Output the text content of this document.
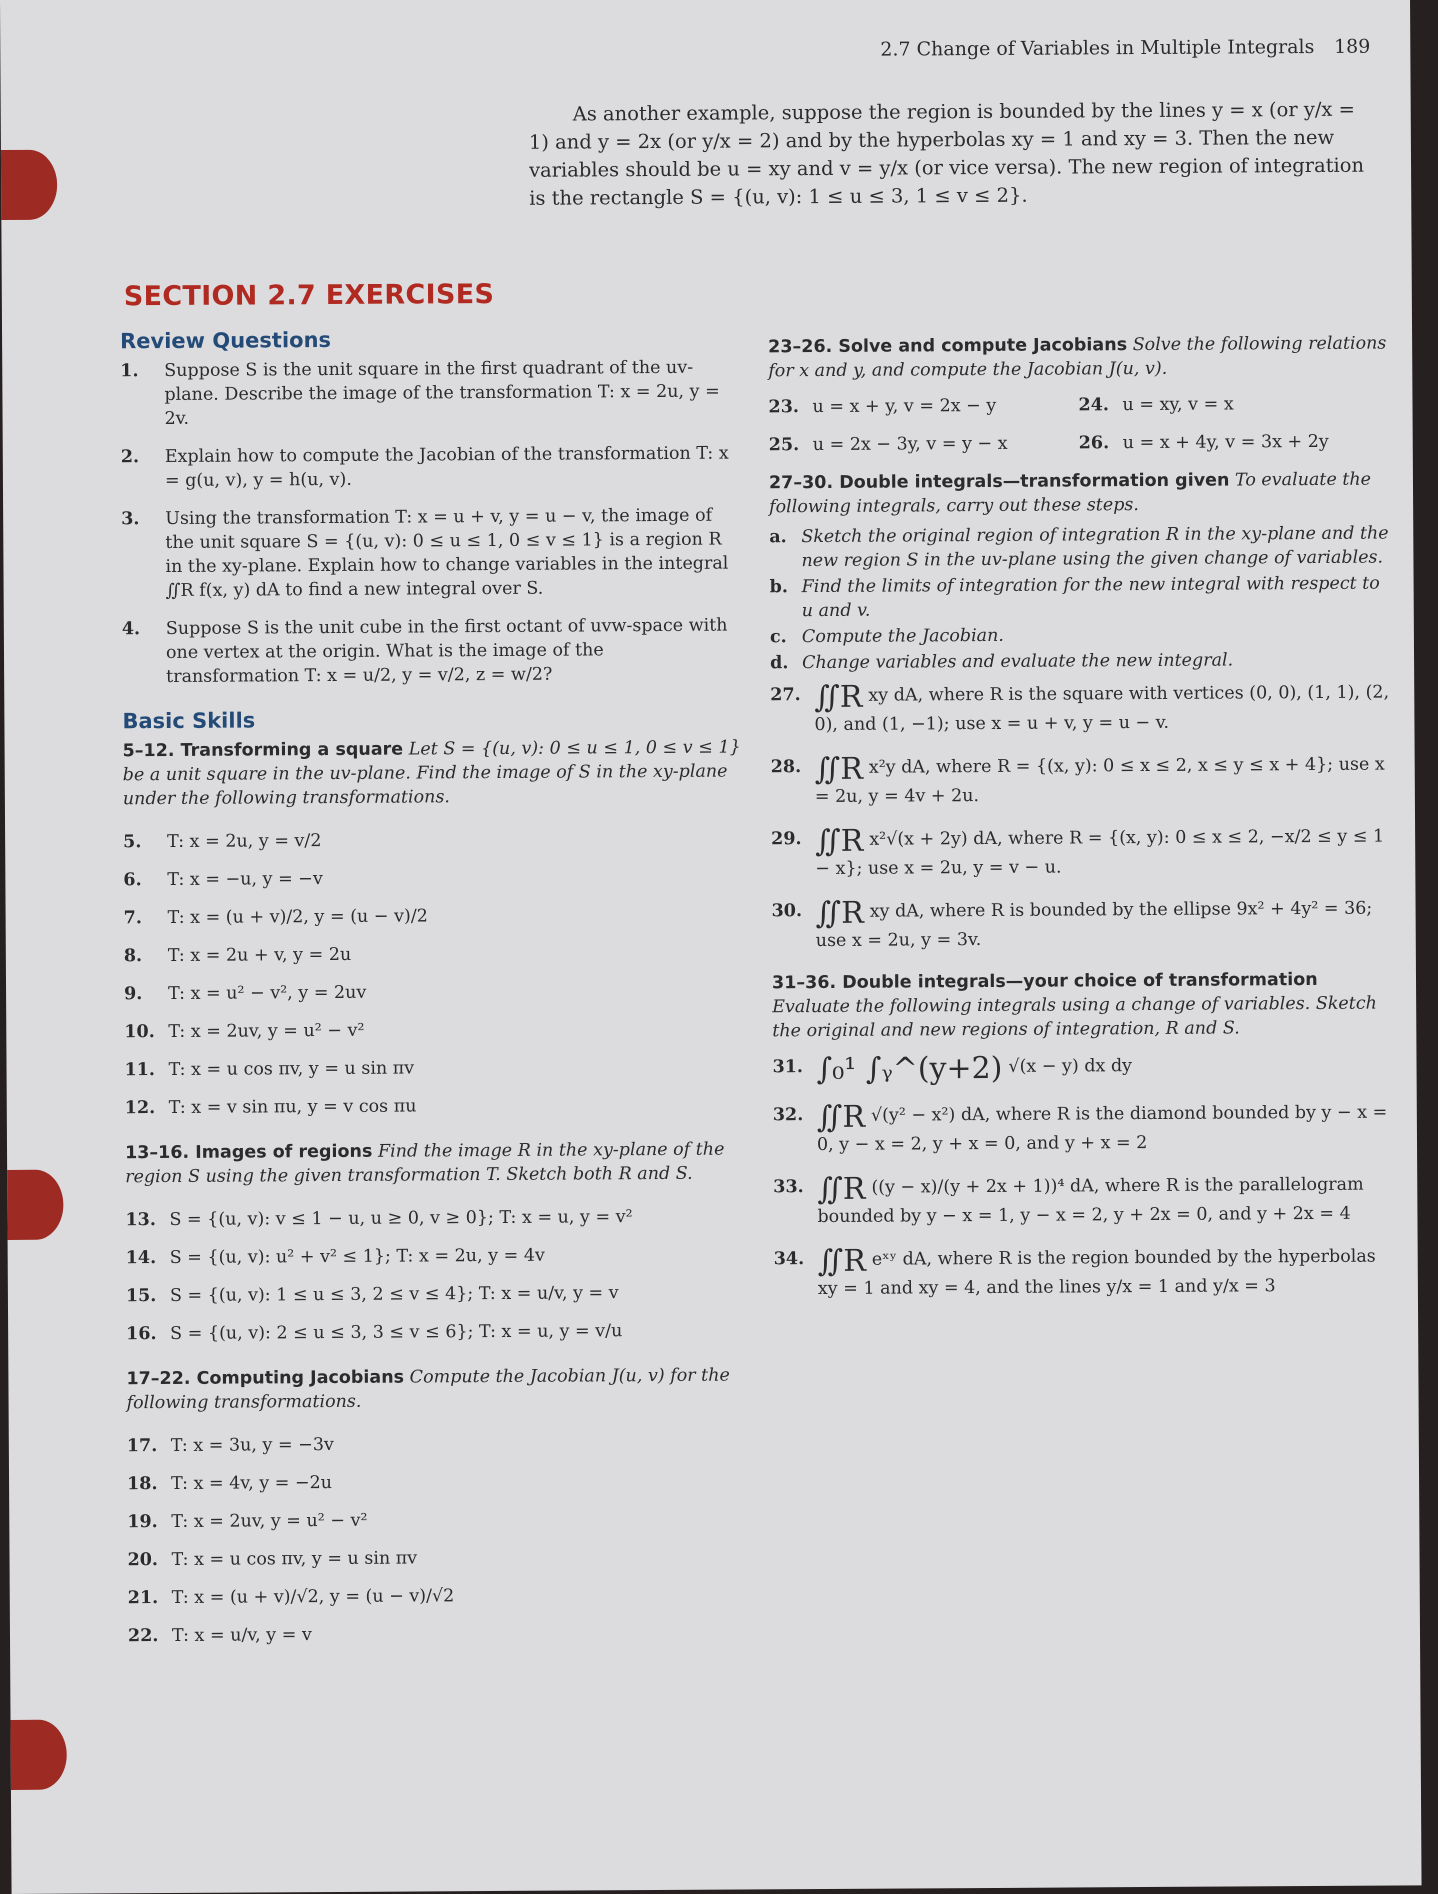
2.7 Change of Variables in Multiple Integrals 189
As another example, suppose the region is bounded by the lines y = x (or y/x = 1) and y = 2x (or y/x = 2) and by the hyperbolas xy = 1 and xy = 3. Then the new variables should be u = xy and v = y/x (or vice versa). The new region of integration is the rectangle S = {(u, v): 1 ≤ u ≤ 3, 1 ≤ v ≤ 2}.
SECTION 2.7 EXERCISES
Review Questions
1.	Suppose S is the unit square in the first quadrant of the uv-plane. Describe the image of the transformation T: x = 2u, y = 2v.
2.	Explain how to compute the Jacobian of the transformation T: x = g(u, v), y = h(u, v).
3.	Using the transformation T: x = u + v, y = u − v, the image of the unit square S = {(u, v): 0 ≤ u ≤ 1, 0 ≤ v ≤ 1} is a region R in the xy-plane. Explain how to change variables in the integral ∬R f(x, y) dA to find a new integral over S.
4.	Suppose S is the unit cube in the first octant of uvw-space with one vertex at the origin. What is the image of the transformation T: x = u/2, y = v/2, z = w/2?
Basic Skills
5–12. Transforming a square Let S = {(u, v): 0 ≤ u ≤ 1, 0 ≤ v ≤ 1} be a unit square in the uv-plane. Find the image of S in the xy-plane under the following transformations.
5.	T: x = 2u, y = v/2
6.	T: x = −u, y = −v
7.	T: x = (u + v)/2, y = (u − v)/2
8.	T: x = 2u + v, y = 2u
9.	T: x = u² − v², y = 2uv
10. T: x = 2uv, y = u² − v²
11. T: x = u cos πv, y = u sin πv
12. T: x = v sin πu, y = v cos πu
13–16. Images of regions Find the image R in the xy-plane of the region S using the given transformation T. Sketch both R and S.
13. S = {(u, v): v ≤ 1 − u, u ≥ 0, v ≥ 0}; T: x = u, y = v²
14. S = {(u, v): u² + v² ≤ 1}; T: x = 2u, y = 4v
15. S = {(u, v): 1 ≤ u ≤ 3, 2 ≤ v ≤ 4}; T: x = u/v, y = v
16. S = {(u, v): 2 ≤ u ≤ 3, 3 ≤ v ≤ 6}; T: x = u, y = v/u
17–22. Computing Jacobians Compute the Jacobian J(u, v) for the following transformations.
17. T: x = 3u, y = −3v
18. T: x = 4v, y = −2u
19. T: x = 2uv, y = u² − v²
20. T: x = u cos πv, y = u sin πv
21. T: x = (u + v)/√2, y = (u − v)/√2
22. T: x = u/v, y = v
23–26. Solve and compute Jacobians Solve the following relations for x and y, and compute the Jacobian J(u, v).
23. u = x + y, v = 2x − y	24. u = xy, v = x
25. u = 2x − 3y, v = y − x	26. u = x + 4y, v = 3x + 2y
27–30. Double integrals—transformation given To evaluate the following integrals, carry out these steps.
a. Sketch the original region of integration R in the xy-plane and the new region S in the uv-plane using the given change of variables.
b. Find the limits of integration for the new integral with respect to u and v.
c. Compute the Jacobian.
d. Change variables and evaluate the new integral.
27. ∬R xy dA, where R is the square with vertices (0, 0), (1, 1), (2, 0), and (1, −1); use x = u + v, y = u − v.
28. ∬R x²y dA, where R = {(x, y): 0 ≤ x ≤ 2, x ≤ y ≤ x + 4}; use x = 2u, y = 4v + 2u.
29. ∬R x²√(x + 2y) dA, where R = {(x, y): 0 ≤ x ≤ 2, −x/2 ≤ y ≤ 1 − x}; use x = 2u, y = v − u.
30. ∬R xy dA, where R is bounded by the ellipse 9x² + 4y² = 36; use x = 2u, y = 3v.
31–36. Double integrals—your choice of transformation Evaluate the following integrals using a change of variables. Sketch the original and new regions of integration, R and S.
31. ∫₀¹ ∫ᵧ^(y+2) √(x − y) dx dy
32. ∬R √(y² − x²) dA, where R is the diamond bounded by y − x = 0, y − x = 2, y + x = 0, and y + x = 2
33. ∬R ((y − x)/(y + 2x + 1))⁴ dA, where R is the parallelogram bounded by y − x = 1, y − x = 2, y + 2x = 0, and y + 2x = 4
34. ∬R eˣʸ dA, where R is the region bounded by the hyperbolas xy = 1 and xy = 4, and the lines y/x = 1 and y/x = 3
